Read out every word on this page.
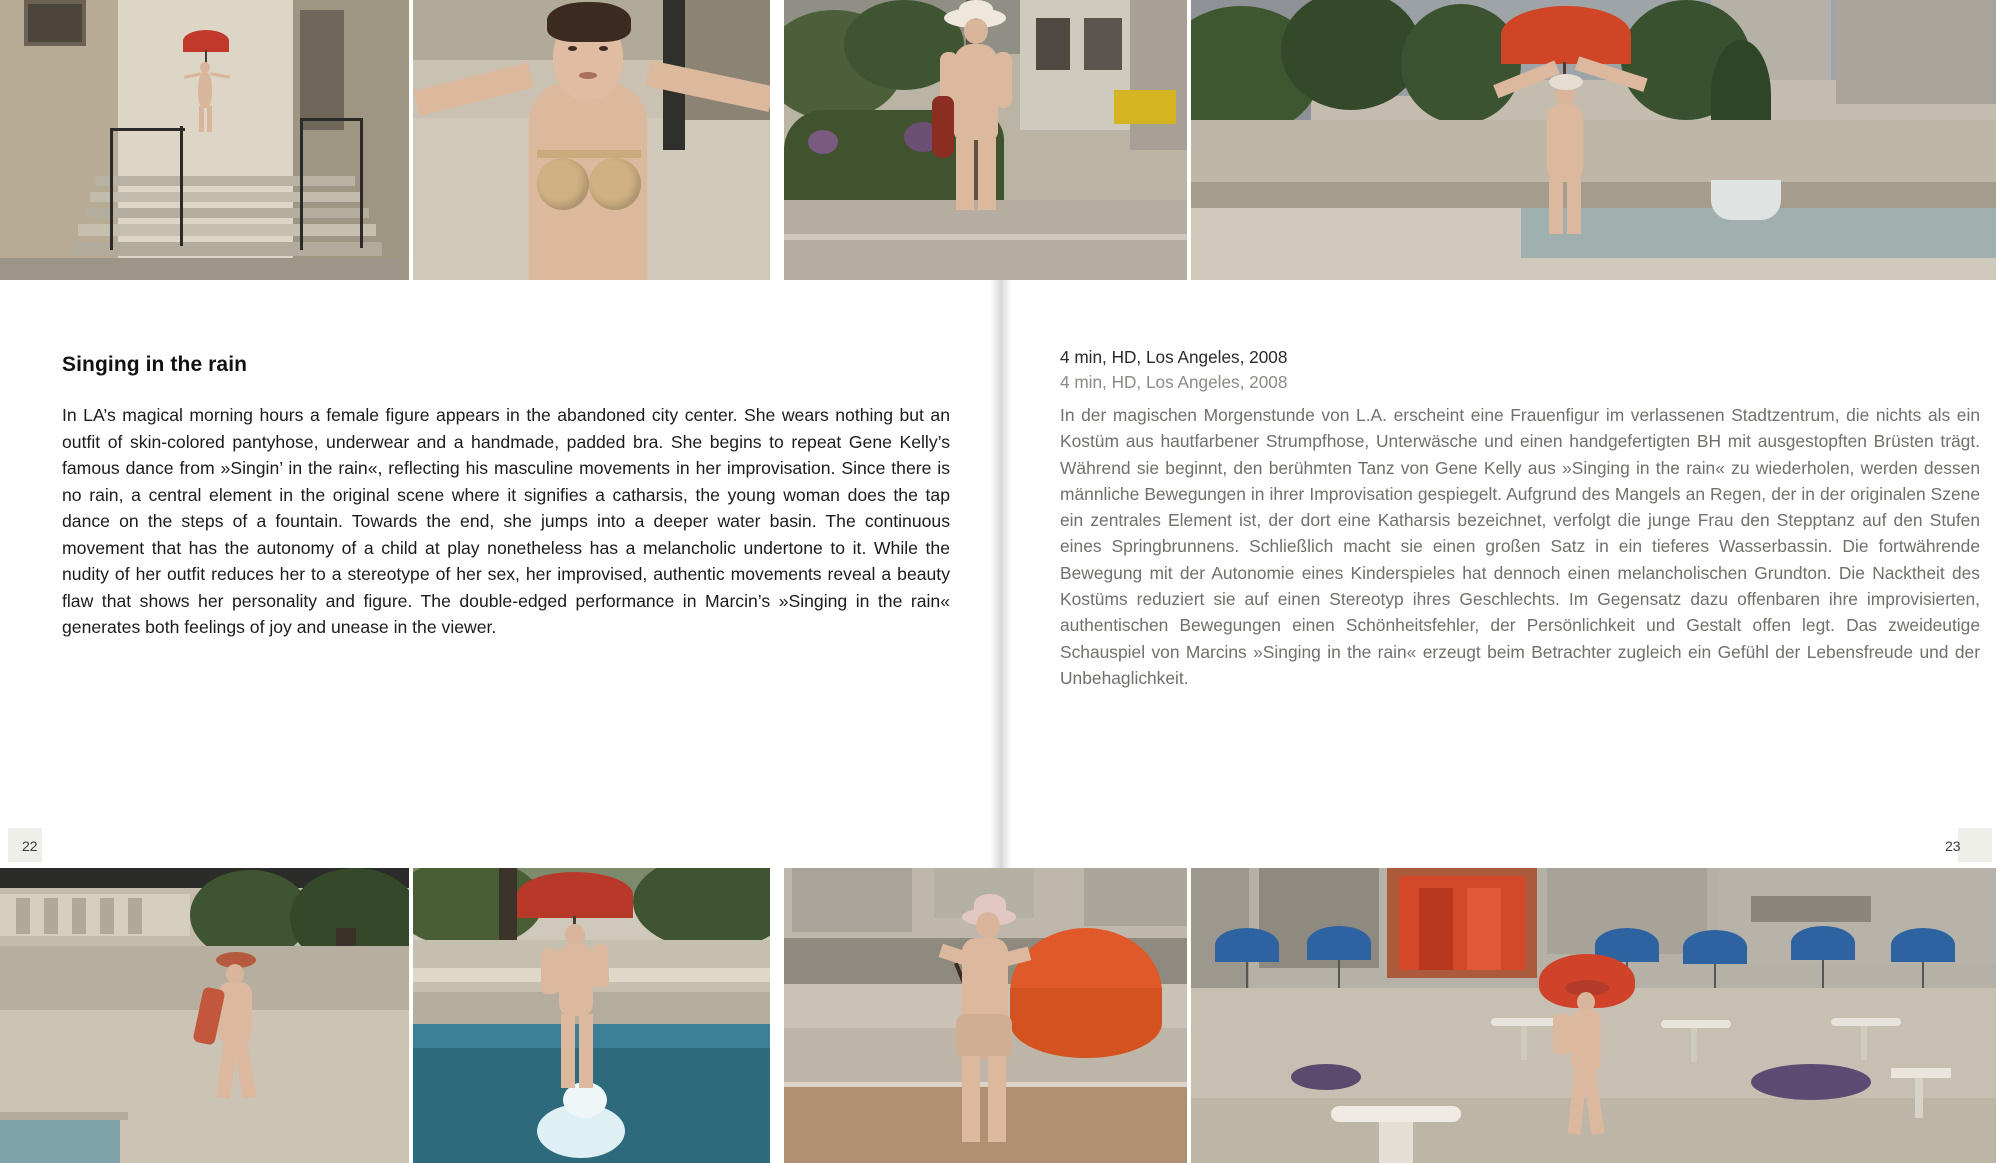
Singing in the rain
In LA’s magical morning hours a female figure appears in the abandoned city center. She wears nothing but an outfit of skin-colored pantyhose, underwear and a handmade, padded bra. She begins to repeat Gene Kelly’s famous dance from »Singin’ in the rain«, reflecting his masculine movements in her improvisation. Since there is no rain, a central element in the original scene where it signifies a catharsis, the young woman does the tap dance on the steps of a fountain. Towards the end, she jumps into a deeper water basin. The continuous movement that has the autonomy of a child at play nonetheless has a melancholic undertone to it. While the nudity of her outfit reduces her to a stereotype of her sex, her improvised, authentic movements reveal a beauty flaw that shows her personality and figure. The double-edged performance in Marcin’s »Singing in the rain« generates both feelings of joy and unease in the viewer.
22
4 min, HD, Los Angeles, 2008
4 min, HD, Los Angeles, 2008
In der magischen Morgenstunde von L.A. erscheint eine Frauenfigur im verlassenen Stadtzentrum, die nichts als ein Kostüm aus hautfarbener Strumpfhose, Unterwäsche und einen handgefertigten BH mit ausgestopften Brüsten trägt. Während sie beginnt, den berühmten Tanz von Gene Kelly aus »Singing in the rain« zu wiederholen, werden dessen männliche Bewegungen in ihrer Improvisation gespiegelt. Aufgrund des Mangels an Regen, der in der originalen Szene ein zentrales Element ist, der dort eine Katharsis bezeichnet, verfolgt die junge Frau den Stepptanz auf den Stufen eines Springbrunnens. Schließlich macht sie einen großen Satz in ein tieferes Wasserbassin. Die fortwährende Bewegung mit der Autonomie eines Kinderspieles hat dennoch einen melancholischen Grundton. Die Nacktheit des Kostüms reduziert sie auf einen Stereotyp ihres Geschlechts. Im Gegensatz dazu offenbaren ihre improvisierten, authentischen Bewegungen einen Schönheitsfehler, der Persönlichkeit und Gestalt offen legt. Das zweideutige Schauspiel von Marcins »Singing in the rain« erzeugt beim Betrachter zugleich ein Gefühl der Lebensfreude und der Unbehaglichkeit.
23
